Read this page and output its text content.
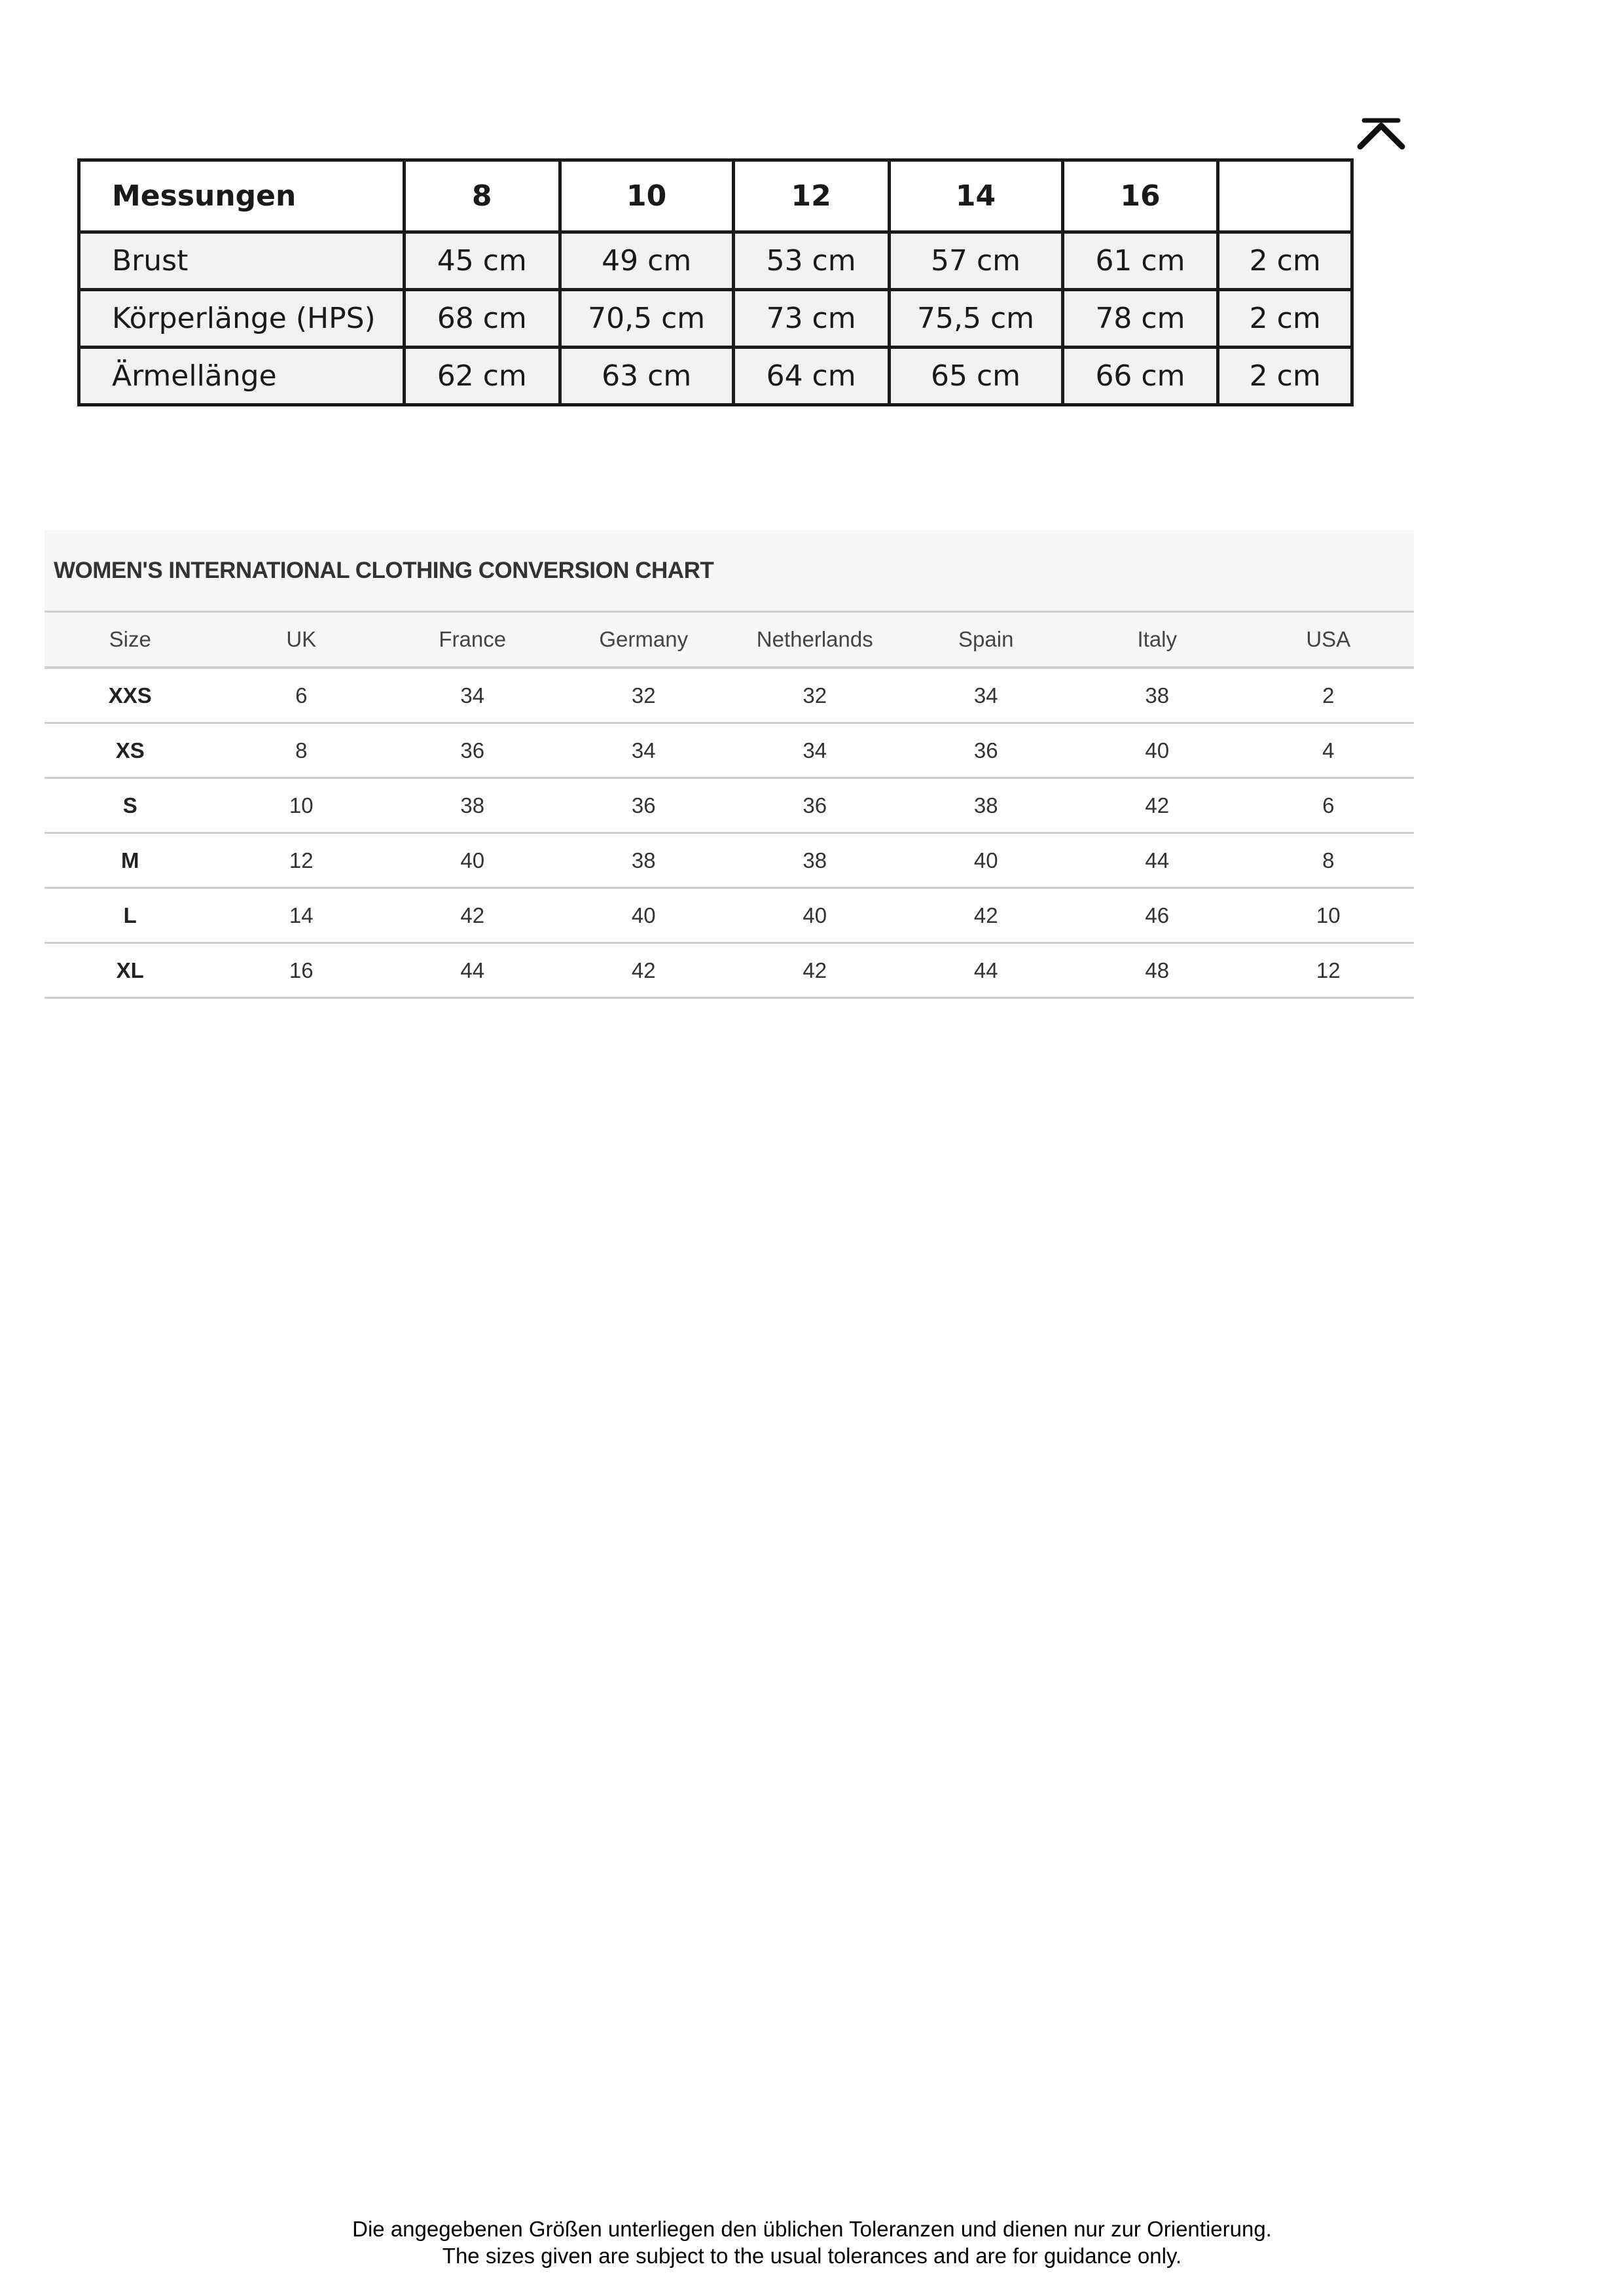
Messungen	8	10	12	14	16	
Brust	45 cm	49 cm	53 cm	57 cm	61 cm	2 cm
Körperlänge (HPS)	68 cm	70,5 cm	73 cm	75,5 cm	78 cm	2 cm
Ärmellänge	62 cm	63 cm	64 cm	65 cm	66 cm	2 cm
WOMEN'S INTERNATIONAL CLOTHING CONVERSION CHART
Size	UK	France	Germany	Netherlands	Spain	Italy	USA
XXS	6	34	32	32	34	38	2
XS	8	36	34	34	36	40	4
S	10	38	36	36	38	42	6
M	12	40	38	38	40	44	8
L	14	42	40	40	42	46	10
XL	16	44	42	42	44	48	12
Die angegebenen Größen unterliegen den üblichen Toleranzen und dienen nur zur Orientierung.
The sizes given are subject to the usual tolerances and are for guidance only.
